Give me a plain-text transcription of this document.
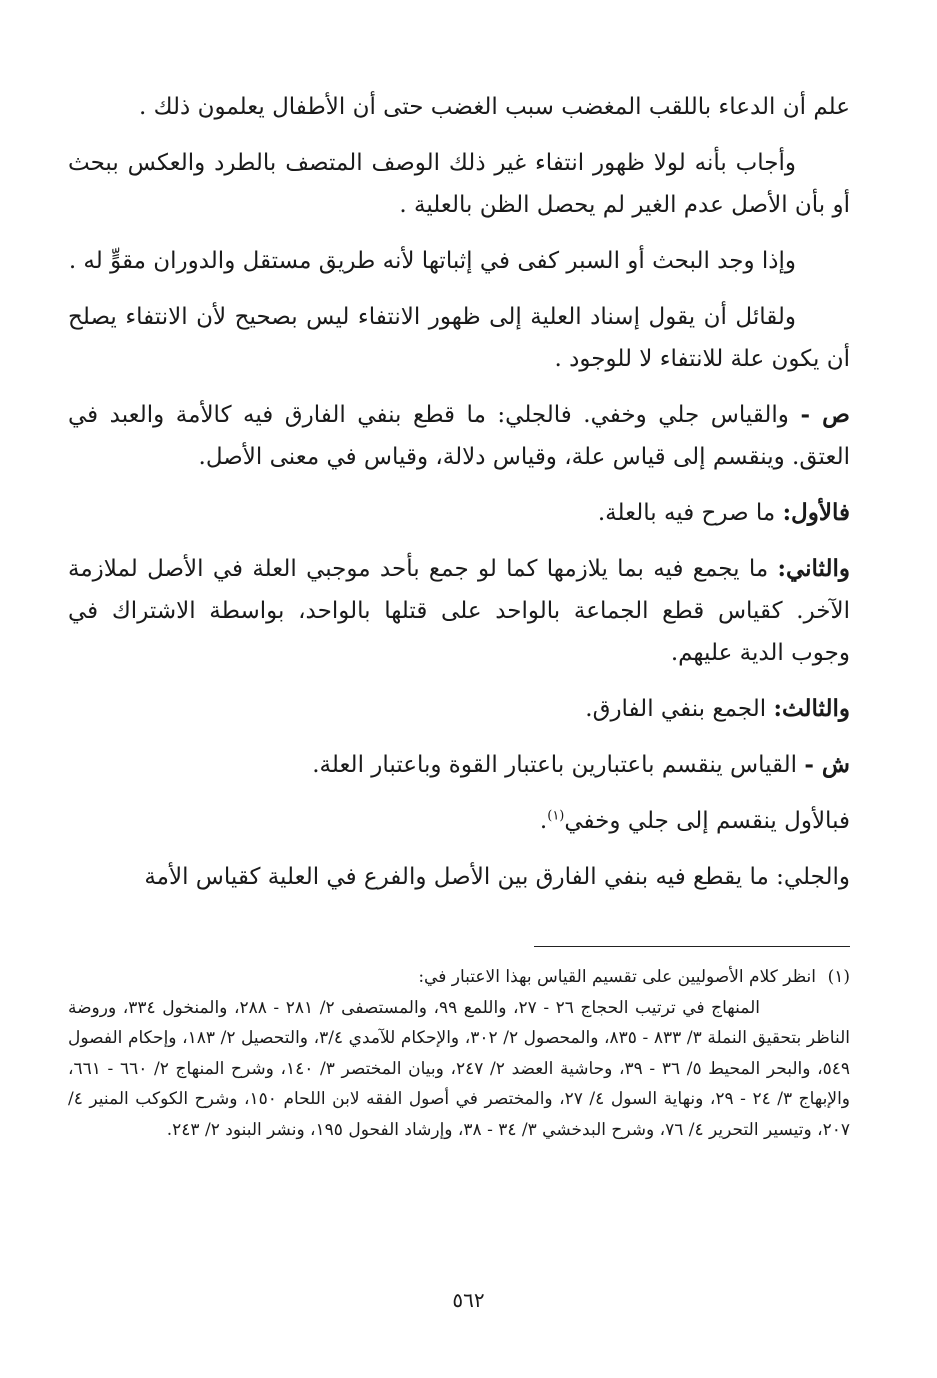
علم أن الدعاء باللقب المغضب سبب الغضب حتى أن الأطفال يعلمون ذلك .

وأجاب بأنه لولا ظهور انتفاء غير ذلك الوصف المتصف بالطرد والعكس ببحث أو بأن الأصل عدم الغير لم يحصل الظن بالعلية .

وإذا وجد البحث أو السبر كفى في إثباتها لأنه طريق مستقل والدوران مقوٍّ له .

ولقائل أن يقول إسناد العلية إلى ظهور الانتفاء ليس بصحيح لأن الانتفاء يصلح أن يكون علة للانتفاء لا للوجود .

ص - والقياس جلي وخفي. فالجلي: ما قطع بنفي الفارق فيه كالأمة والعبد في العتق. وينقسم إلى قياس علة، وقياس دلالة، وقياس في معنى الأصل.

فالأول: ما صرح فيه بالعلة.

والثاني: ما يجمع فيه بما يلازمها كما لو جمع بأحد موجبي العلة في الأصل لملازمة الآخر. كقياس قطع الجماعة بالواحد على قتلها بالواحد، بواسطة الاشتراك في وجوب الدية عليهم.

والثالث: الجمع بنفي الفارق.

ش - القياس ينقسم باعتبارين باعتبار القوة وباعتبار العلة.

فبالأول ينقسم إلى جلي وخفي$^{(١)}$.

والجلي: ما يقطع فيه بنفي الفارق بين الأصل والفرع في العلية كقياس الأمة

(١)انظر كلام الأصوليين على تقسيم القياس بهذا الاعتبار في:

المنهاج في ترتيب الحجاج ٢٦ - ٢٧، واللمع ٩٩، والمستصفى ٢/ ٢٨١ - ٢٨٨، والمنخول ٣٣٤، وروضة الناظر بتحقيق النملة ٣/ ٨٣٣ - ٨٣٥، والمحصول ٢/ ٣٠٢، والإحكام للآمدي ٣/٤، والتحصيل ٢/ ١٨٣، وإحكام الفصول ٥٤٩، والبحر المحيط ٥/ ٣٦ - ٣٩، وحاشية العضد ٢/ ٢٤٧، وبيان المختصر ٣/ ١٤٠، وشرح المنهاج ٢/ ٦٦٠ - ٦٦١، والإبهاج ٣/ ٢٤ - ٢٩، ونهاية السول ٤/ ٢٧، والمختصر في أصول الفقه لابن اللحام ١٥٠، وشرح الكوكب المنير ٤/ ٢٠٧، وتيسير التحرير ٤/ ٧٦، وشرح البدخشي ٣/ ٣٤ - ٣٨، وإرشاد الفحول ١٩٥، ونشر البنود ٢/ ٢٤٣.

٥٦٢
